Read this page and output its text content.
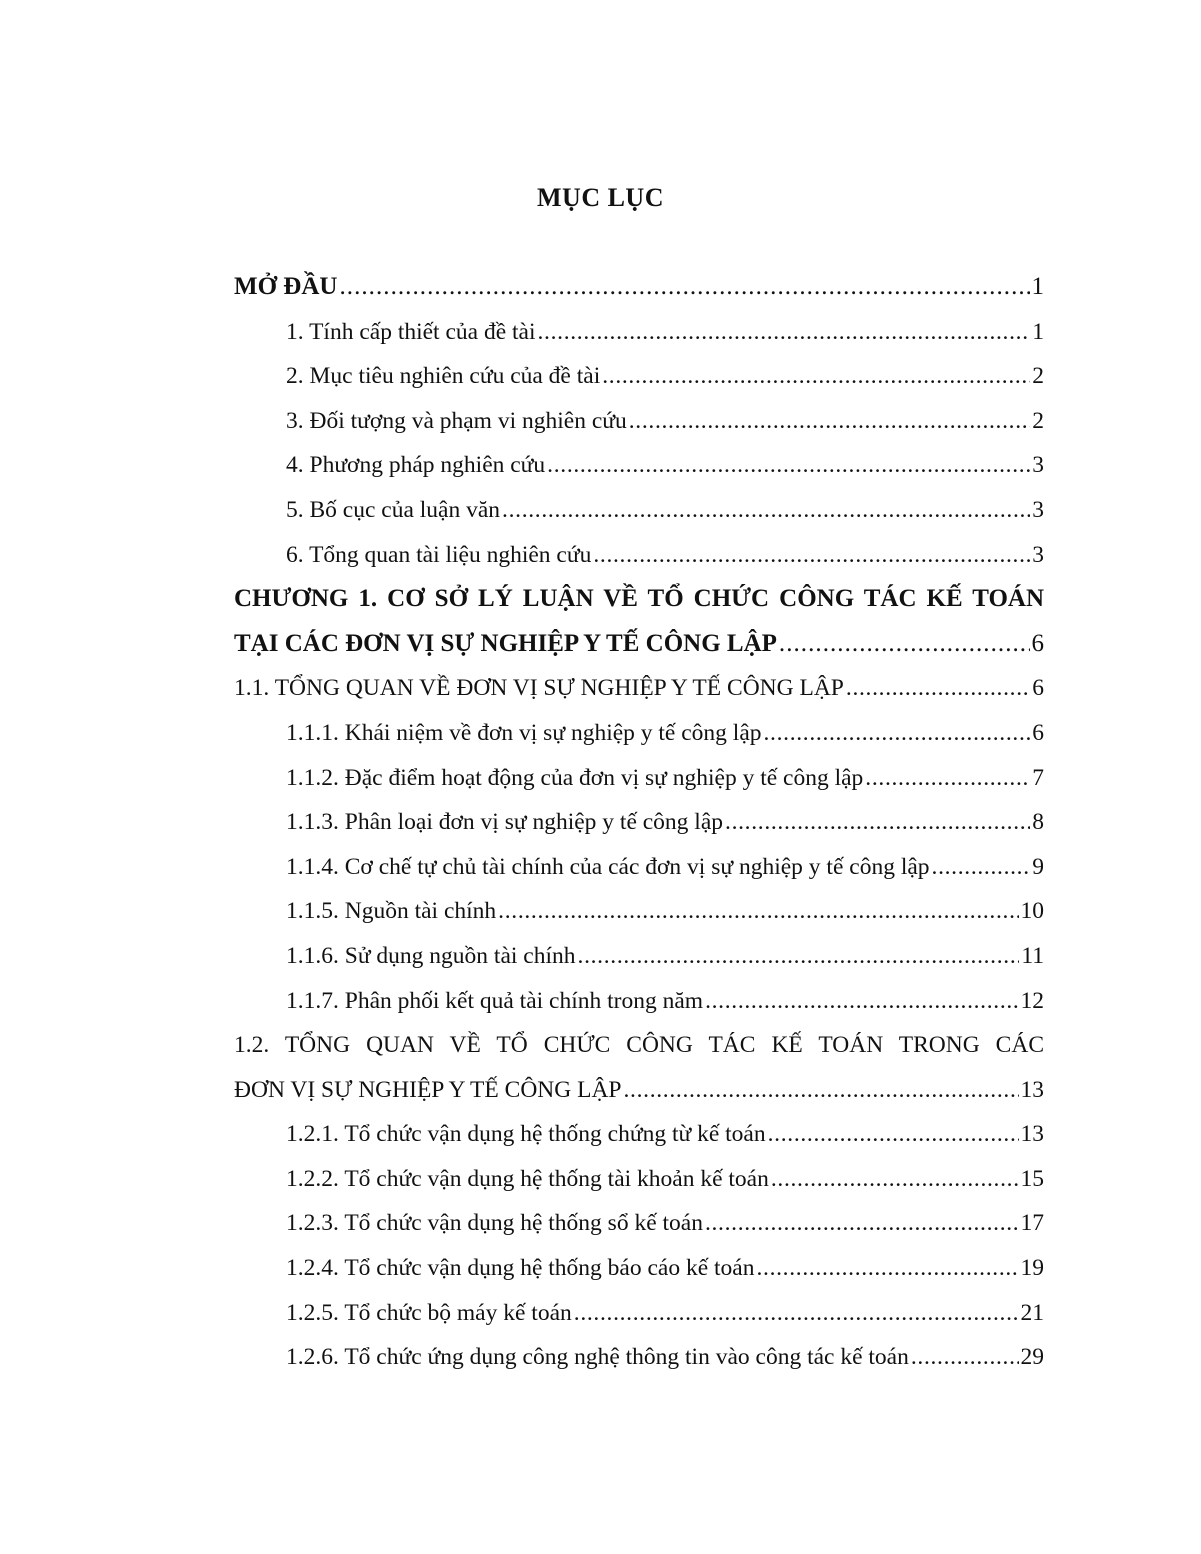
MỤC LỤC
MỞ ĐẦU . . .	1
1. Tính cấp thiết của đề tài . . .	1
2. Mục tiêu nghiên cứu của đề tài . . .	2
3. Đối tượng và phạm vi nghiên cứu . . .	2
4. Phương pháp nghiên cứu . . .	3
5. Bố cục của luận văn . . .	3
6. Tổng quan tài liệu nghiên cứu . . .	3
CHƯƠNG 1. CƠ SỞ LÝ LUẬN VỀ TỔ CHỨC CÔNG TÁC KẾ TOÁN
TẠI CÁC ĐƠN VỊ SỰ NGHIỆP Y TẾ CÔNG LẬP . . .	6
1.1. TỔNG QUAN VỀ ĐƠN VỊ SỰ NGHIỆP Y TẾ CÔNG LẬP . . .	6
1.1.1. Khái niệm về đơn vị sự nghiệp y tế công lập . . .	6
1.1.2. Đặc điểm hoạt động của đơn vị sự nghiệp y tế công lập . . .	7
1.1.3. Phân loại đơn vị sự nghiệp y tế công lập . . .	8
1.1.4. Cơ chế tự chủ tài chính của các đơn vị sự nghiệp y tế công lập . . .	9
1.1.5. Nguồn tài chính . . .	10
1.1.6. Sử dụng nguồn tài chính . . .	11
1.1.7. Phân phối kết quả tài chính trong năm . . .	12
1.2. TỔNG QUAN VỀ TỔ CHỨC CÔNG TÁC KẾ TOÁN TRONG CÁC
ĐƠN VỊ SỰ NGHIỆP Y TẾ CÔNG LẬP . . .	13
1.2.1. Tổ chức vận dụng hệ thống chứng từ kế toán . . .	13
1.2.2. Tổ chức vận dụng hệ thống tài khoản kế toán . . .	15
1.2.3. Tổ chức vận dụng hệ thống sổ kế toán . . .	17
1.2.4. Tổ chức vận dụng hệ thống báo cáo kế toán . . .	19
1.2.5. Tổ chức bộ máy kế toán . . .	21
1.2.6. Tổ chức ứng dụng công nghệ thông tin vào công tác kế toán . . .	29
